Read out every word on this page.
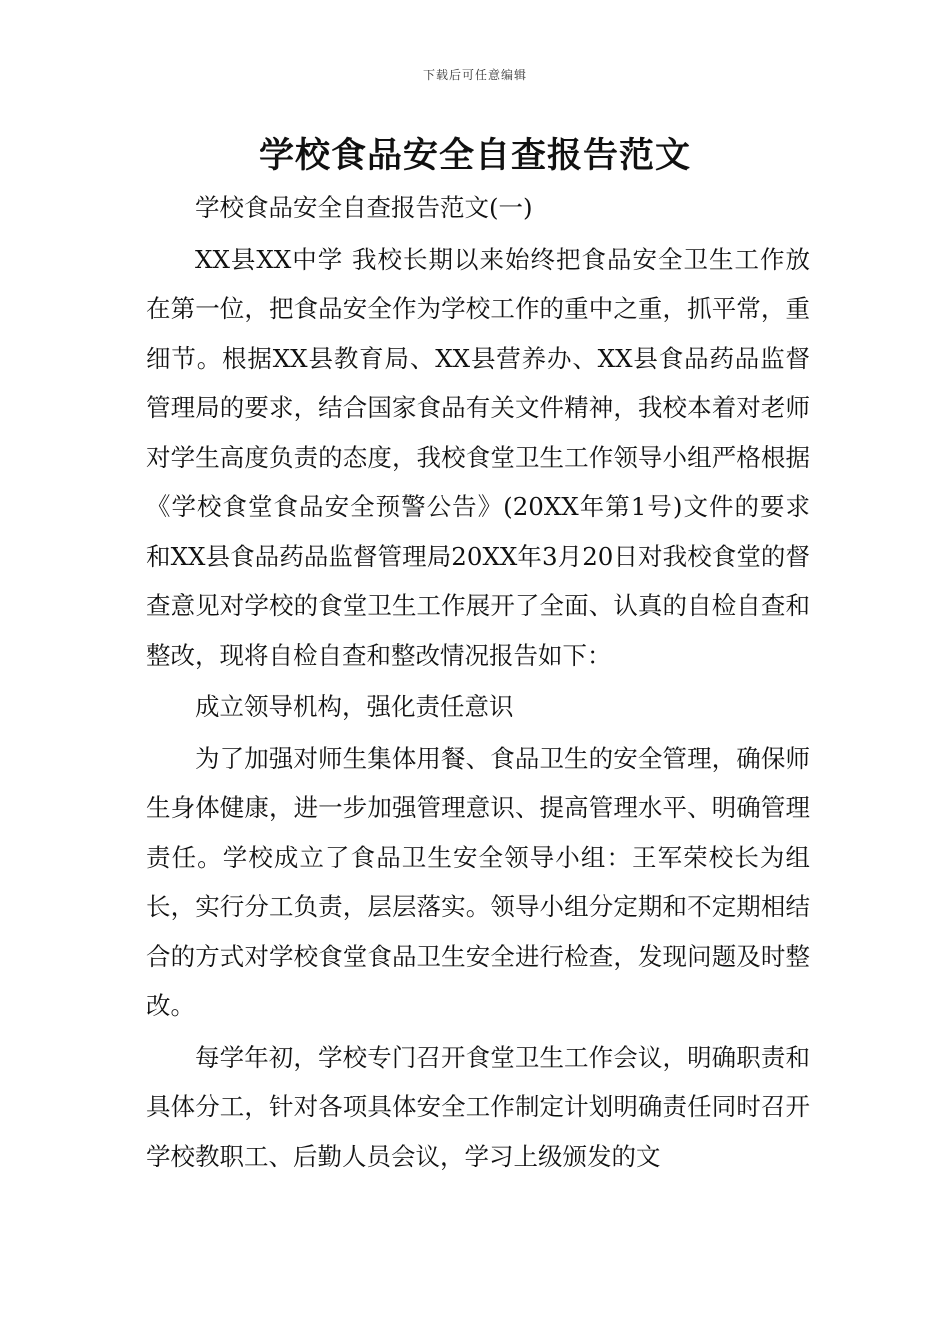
下载后可任意编辑
学校食品安全自查报告范文

学校食品安全自查报告范文(一)

XX县XX中学 我校长期以来始终把食品安全卫生工作放在第一位，把食品安全作为学校工作的重中之重，抓平常，重细节。根据XX县教育局、XX县营养办、XX县食品药品监督管理局的要求，结合国家食品有关文件精神，我校本着对老师对学生高度负责的态度，我校食堂卫生工作领导小组严格根据《学校食堂食品安全预警公告》(20XX年第1号)文件的要求和XX县食品药品监督管理局20XX年3月20日对我校食堂的督查意见对学校的食堂卫生工作展开了全面、认真的自检自查和整改，现将自检自查和整改情况报告如下：

成立领导机构，强化责任意识

为了加强对师生集体用餐、食品卫生的安全管理，确保师生身体健康，进一步加强管理意识、提高管理水平、明确管理责任。学校成立了食品卫生安全领导小组：王军荣校长为组长，实行分工负责，层层落实。领导小组分定期和不定期相结合的方式对学校食堂食品卫生安全进行检查，发现问题及时整改。

每学年初，学校专门召开食堂卫生工作会议，明确职责和具体分工，针对各项具体安全工作制定计划明确责任同时召开学校教职工、后勤人员会议，学习上级颁发的文
